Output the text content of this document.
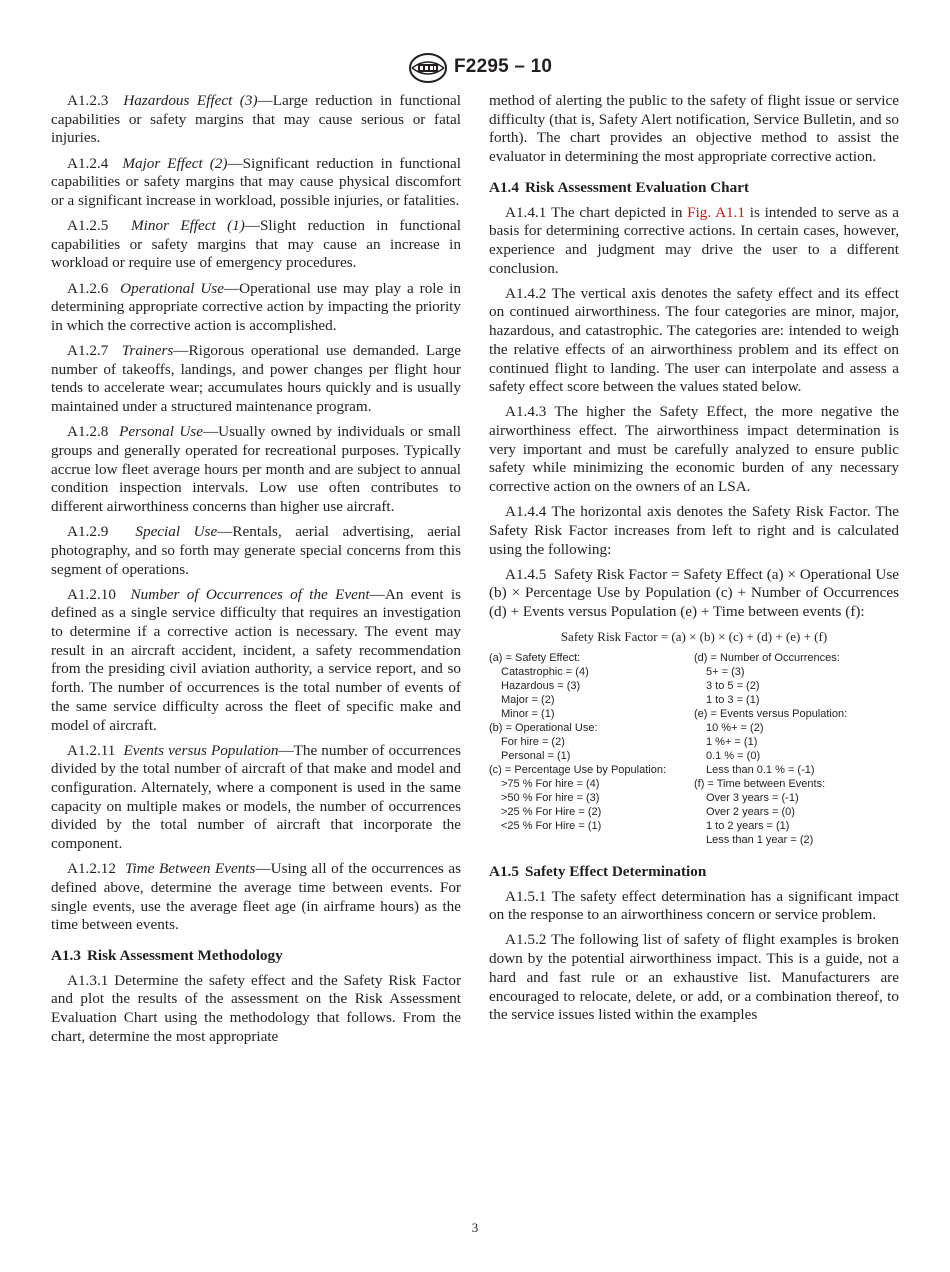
F2295 – 10

A1.2.3 Hazardous Effect (3)—Large reduction in functional capabilities or safety margins that may cause serious or fatal injuries.

A1.2.4 Major Effect (2)—Significant reduction in functional capabilities or safety margins that may cause physical discomfort or a significant increase in workload, possible injuries, or fatalities.

A1.2.5 Minor Effect (1)—Slight reduction in functional capabilities or safety margins that may cause an increase in workload or require use of emergency procedures.

A1.2.6 Operational Use—Operational use may play a role in determining appropriate corrective action by impacting the priority in which the corrective action is accomplished.

A1.2.7 Trainers—Rigorous operational use demanded. Large number of takeoffs, landings, and power changes per flight hour tends to accelerate wear; accumulates hours quickly and is usually maintained under a structured maintenance program.

A1.2.8 Personal Use—Usually owned by individuals or small groups and generally operated for recreational purposes. Typically accrue low fleet average hours per month and are subject to annual condition inspection intervals. Low use often contributes to different airworthiness concerns than higher use aircraft.

A1.2.9 Special Use—Rentals, aerial advertising, aerial photography, and so forth may generate special concerns from this segment of operations.

A1.2.10 Number of Occurrences of the Event—An event is defined as a single service difficulty that requires an investigation to determine if a corrective action is necessary. The event may result in an aircraft accident, incident, a safety recommendation from the presiding civil aviation authority, a service report, and so forth. The number of occurrences is the total number of events of the same service difficulty across the fleet of specific make and model of aircraft.

A1.2.11 Events versus Population—The number of occurrences divided by the total number of aircraft of that make and model and configuration. Alternately, where a component is used in the same capacity on multiple makes or models, the number of occurrences divided by the total number of aircraft that incorporate the component.

A1.2.12 Time Between Events—Using all of the occurrences as defined above, determine the average time between events. For single events, use the average fleet age (in airframe hours) as the time between events.

A1.3 Risk Assessment Methodology

A1.3.1 Determine the safety effect and the Safety Risk Factor and plot the results of the assessment on the Risk Assessment Evaluation Chart using the methodology that follows. From the chart, determine the most appropriate

method of alerting the public to the safety of flight issue or service difficulty (that is, Safety Alert notification, Service Bulletin, and so forth). The chart provides an objective method to assist the evaluator in determining the most appropriate corrective action.

A1.4 Risk Assessment Evaluation Chart

A1.4.1 The chart depicted in Fig. A1.1 is intended to serve as a basis for determining corrective actions. In certain cases, however, experience and judgment may drive the user to a different conclusion.

A1.4.2 The vertical axis denotes the safety effect and its effect on continued airworthiness. The four categories are minor, major, hazardous, and catastrophic. The categories are: intended to weigh the relative effects of an airworthiness problem and its effect on continued flight to landing. The user can interpolate and assess a safety effect score between the values stated below.

A1.4.3 The higher the Safety Effect, the more negative the airworthiness effect. The airworthiness impact determination is very important and must be carefully analyzed to ensure public safety while minimizing the economic burden of any necessary corrective action on the owners of an LSA.

A1.4.4 The horizontal axis denotes the Safety Risk Factor. The Safety Risk Factor increases from left to right and is calculated using the following:

A1.4.5 Safety Risk Factor = Safety Effect (a) × Operational Use (b) × Percentage Use by Population (c) + Number of Occurrences (d) + Events versus Population (e) + Time between events (f):

Safety Risk Factor = (a) × (b) × (c) + (d) + (e) + (f)
(a) = Safety Effect:
Catastrophic = (4)
Hazardous = (3)
Major = (2)
Minor = (1)
(b) = Operational Use:
For hire = (2)
Personal = (1)
(c) = Percentage Use by Population:
>75 % For hire = (4)
>50 % For hire = (3)
>25 % For Hire = (2)
<25 % For Hire = (1)
(d) = Number of Occurrences:
5+ = (3)
3 to 5 = (2)
1 to 3 = (1)
(e) = Events versus Population:
10 %+ = (2)
1 %+ = (1)
0.1 % = (0)
Less than 0.1 % = (-1)
(f) = Time between Events:
Over 3 years = (-1)
Over 2 years = (0)
1 to 2 years = (1)
Less than 1 year = (2)
A1.5 Safety Effect Determination

A1.5.1 The safety effect determination has a significant impact on the response to an airworthiness concern or service problem.

A1.5.2 The following list of safety of flight examples is broken down by the potential airworthiness impact. This is a guide, not a hard and fast rule or an exhaustive list. Manufacturers are encouraged to relocate, delete, or add, or a combination thereof, to the service issues listed within the examples

3
